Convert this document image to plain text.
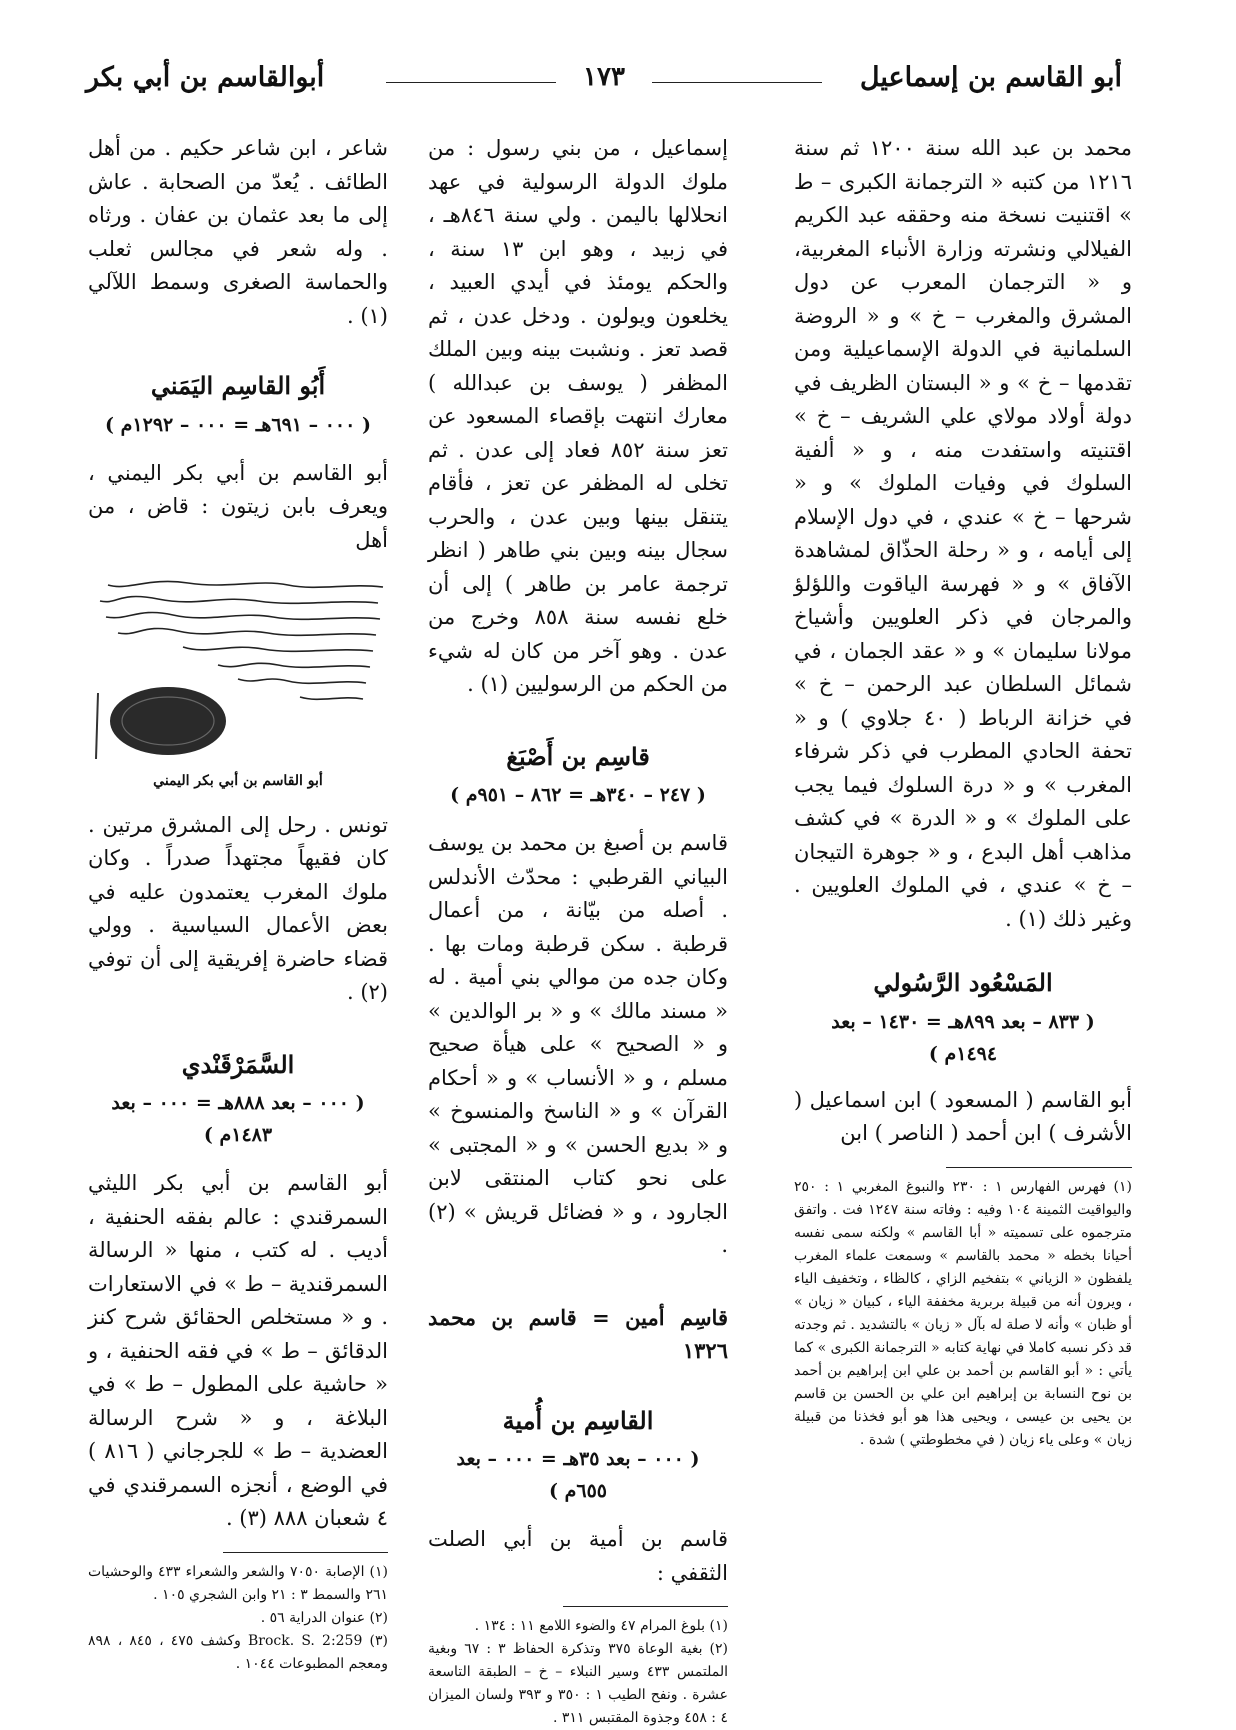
أبو القاسم بن إسماعيل
١٧٣
أبوالقاسم بن أبي بكر

محمد بن عبد الله سنة ١٢٠٠ ثم سنة ١٢١٦ من كتبه « الترجمانة الكبرى – ط » اقتنيت نسخة منه وحققه عبد الكريم الفيلالي ونشرته وزارة الأنباء المغربية، و « الترجمان المعرب عن دول المشرق والمغرب – خ » و « الروضة السلمانية في الدولة الإسماعيلية ومن تقدمها – خ » و « البستان الظريف في دولة أولاد مولاي علي الشريف – خ » اقتنيته واستفدت منه ، و « ألفية السلوك في وفيات الملوك » و « شرحها – خ » عندي ، في دول الإسلام إلى أيامه ، و « رحلة الحذّاق لمشاهدة الآفاق » و « فهرسة الياقوت واللؤلؤ والمرجان في ذكر العلويين وأشياخ مولانا سليمان » و « عقد الجمان ، في شمائل السلطان عبد الرحمن – خ » في خزانة الرباط ( ٤٠ جلاوي ) و « تحفة الحادي المطرب في ذكر شرفاء المغرب » و « درة السلوك فيما يجب على الملوك » و « الدرة » في كشف مذاهب أهل البدع ، و « جوهرة التيجان – خ » عندي ، في الملوك العلويين . وغير ذلك (١) .

المَسْعُود الرَّسُولي
( ٨٣٣ – بعد ٨٩٩هـ = ١٤٣٠ – بعد
١٤٩٤م )

أبو القاسم ( المسعود ) ابن اسماعيل ( الأشرف ) ابن أحمد ( الناصر ) ابن

(١) فهرس الفهارس ١ : ٢٣٠ والنبوغ المغربي ١ : ٢٥٠ واليواقيت الثمينة ١٠٤ وفيه : وفاته سنة ١٢٤٧ فت . واتفق مترجموه على تسميته « أبا القاسم » ولكنه سمى نفسه أحيانا بخطه « محمد بالقاسم » وسمعت علماء المغرب يلفظون « الزياني » بتفخيم الزاي ، كالظاء ، وتخفيف الياء ، ويرون أنه من قبيلة بربرية مخففة الياء ، كبيان « زيان » أو ظبان » وأنه لا صلة له بآل « زيان » بالتشديد . ثم وجدته قد ذكر نسبه كاملا في نهاية كتابه « الترجمانة الكبرى » كما يأتي : « أبو القاسم بن أحمد بن علي ابن إبراهيم بن أحمد بن نوح النسابة بن إبراهيم ابن علي بن الحسن بن قاسم بن يحيى بن عيسى ، ويحيى هذا هو أبو فخذنا من قبيلة زيان » وعلى ياء زيان ( في مخطوطتي ) شدة .

إسماعيل ، من بني رسول : من ملوك الدولة الرسولية في عهد انحلالها باليمن . ولي سنة ٨٤٦هـ ، في زبيد ، وهو ابن ١٣ سنة ، والحكم يومئذ في أيدي العبيد ، يخلعون ويولون . ودخل عدن ، ثم قصد تعز . ونشبت بينه وبين الملك المظفر ( يوسف بن عبدالله ) معارك انتهت بإقصاء المسعود عن تعز سنة ٨٥٢ فعاد إلى عدن . ثم تخلى له المظفر عن تعز ، فأقام يتنقل بينها وبين عدن ، والحرب سجال بينه وبين بني طاهر ( انظر ترجمة عامر بن طاهر ) إلى أن خلع نفسه سنة ٨٥٨ وخرج من عدن . وهو آخر من كان له شيء من الحكم من الرسوليين (١) .

قاسِم بن أَصْبَغ
( ٢٤٧ – ٣٤٠هـ = ٨٦٢ – ٩٥١م )

قاسم بن أصبغ بن محمد بن يوسف البياني القرطبي : محدّث الأندلس . أصله من بيّانة ، من أعمال قرطبة . سكن قرطبة ومات بها . وكان جده من موالي بني أمية . له « مسند مالك » و « بر الوالدين » و « الصحيح » على هيأة صحيح مسلم ، و « الأنساب » و « أحكام القرآن » و « الناسخ والمنسوخ » و « بديع الحسن » و « المجتبى » على نحو كتاب المنتقى لابن الجارود ، و « فضائل قريش » (٢) .

قاسِم أمين = قاسم بن محمد ١٣٢٦

القاسِم بن أُمية
( ٠٠٠ – بعد ٣٥هـ = ٠٠٠ – بعد
٦٥٥م )

قاسم بن أمية بن أبي الصلت الثقفي :

(١) بلوغ المرام ٤٧ والضوء اللامع ١١ : ١٣٤ .

(٢) بغية الوعاة ٣٧٥ وتذكرة الحفاظ ٣ : ٦٧ وبغية الملتمس ٤٣٣ وسير النبلاء – خ – الطبقة التاسعة عشرة . ونفح الطيب ١ : ٣٥٠ و ٣٩٣ ولسان الميزان ٤ : ٤٥٨ وجذوة المقتبس ٣١١ .

شاعر ، ابن شاعر حكيم . من أهل الطائف . يُعدّ من الصحابة . عاش إلى ما بعد عثمان بن عفان . ورثاه . وله شعر في مجالس ثعلب والحماسة الصغرى وسمط اللآلي (١) .

أَبُو القاسِم اليَمَني
( ٠٠٠ – ٦٩١هـ = ٠٠٠ – ١٢٩٢م )

أبو القاسم بن أبي بكر اليمني ، ويعرف بابن زيتون : قاض ، من أهل

أبو القاسم بن أبي بكر اليمني

تونس . رحل إلى المشرق مرتين . كان فقيهاً مجتهداً صدراً . وكان ملوك المغرب يعتمدون عليه في بعض الأعمال السياسية . وولي قضاء حاضرة إفريقية إلى أن توفي (٢) .

السَّمَرْقَنْدي
( ٠٠٠ – بعد ٨٨٨هـ = ٠٠٠ – بعد
١٤٨٣م )

أبو القاسم بن أبي بكر الليثي السمرقندي : عالم بفقه الحنفية ، أديب . له كتب ، منها « الرسالة السمرقندية – ط » في الاستعارات . و « مستخلص الحقائق شرح كنز الدقائق – ط » في فقه الحنفية ، و « حاشية على المطول – ط » في البلاغة ، و « شرح الرسالة العضدية – ط » للجرجاني ( ٨١٦ ) في الوضع ، أنجزه السمرقندي في ٤ شعبان ٨٨٨ (٣) .

(١) الإصابة ٧٠٥٠ والشعر والشعراء ٤٣٣ والوحشيات ٢٦١ والسمط ٣ : ٢١ وابن الشجري ١٠٥ .

(٢) عنوان الدراية ٥٦ .

(٣) Brock. S. 2:259 وكشف ٤٧٥ ، ٨٤٥ ، ٨٩٨ ومعجم المطبوعات ١٠٤٤ .
